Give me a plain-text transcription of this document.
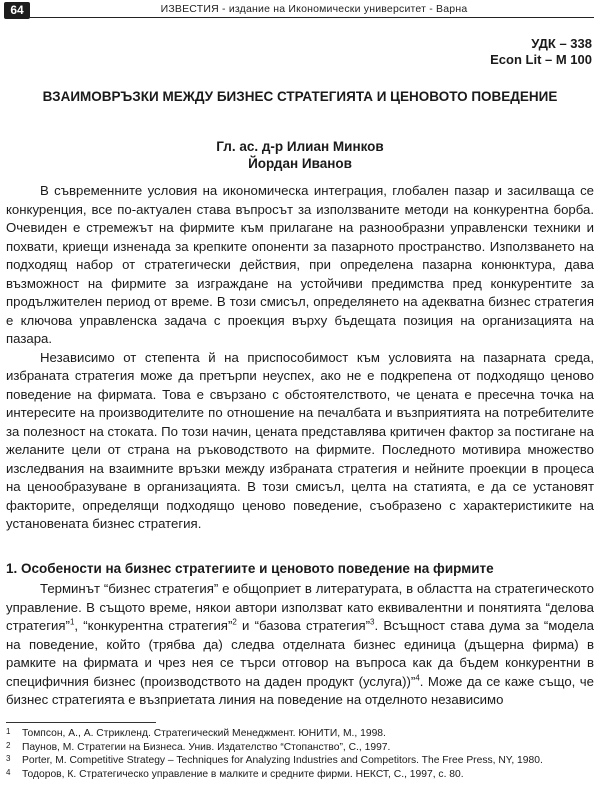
64	ИЗВЕСТИЯ - издание на Икономически университет - Варна
УДК – 338
Econ Lit – M 100
ВЗАИМОВРЪЗКИ МЕЖДУ БИЗНЕС СТРАТЕГИЯТА И ЦЕНОВОТО ПОВЕДЕНИЕ
Гл. ас. д-р Илиан Минков
Йордан Иванов

В съвременните условия на икономическа интеграция, глобален пазар и засилваща се конкуренция, все по-актуален става въпросът за използваните методи на конкурентна борба. Очевиден е стремежът на фирмите към прилагане на разнообразни управленски техники и похвати, криещи изненада за крепките опоненти за пазарното пространство. Използването на подходящ набор от стратегически действия, при определена пазарна конюнктура, дава възможност на фирмите за изграждане на устойчиви предимства пред конкурентите за продължителен период от време. В този смисъл, определянето на адекватна бизнес стратегия е ключова управленска задача с проекция върху бъдещата позиция на организацията на пазара.

Независимо от степента й на приспособимост към условията на пазарната среда, избраната стратегия може да претърпи неуспех, ако не е подкрепена от подходящо ценово поведение на фирмата. Това е свързано с обстоятелството, че цената е пресечна точка на интересите на производителите по отношение на печалбата и възприятията на потребителите за полезност на стоката. По този начин, цената представлява критичен фактор за постигане на желаните цели от страна на ръководството на фирмите. Последното мотивира множество изследвания на взаимните връзки между избраната стратегия и нейните проекции в процеса на ценообразуване в организацията. В този смисъл, целта на статията, е да се установят факторите, определящи подходящо ценово поведение, съобразено с характеристиките на установената бизнес стратегия.

1. Особености на бизнес стратегиите и ценовото поведение на фирмите

Терминът “бизнес стратегия” е общоприет в литературата, в областта на стратегическото управление. В същото време, някои автори използват като еквивалентни и понятията “делова стратегия”$^1$, “конкурентна стратегия”$^2$ и “базова стратегия”$^3$. Всъщност става дума за “модела на поведение, който (трябва да) следва отделната бизнес единица (дъщерна фирма) в рамките на фирмата и чрез нея се търси отговор на въпроса как да бъдем конкурентни в специфичния бизнес (производството на даден продукт (услуга))”$^4$. Може да се каже също, че бизнес стратегията е възприетата линия на поведение на отделното независимо

1 Томпсон, А., А. Стрикленд. Стратегический Менеджмент. ЮНИТИ, М., 1998.
2 Паунов, М. Стратегии на Бизнеса. Унив. Издателство “Стопанство”, С., 1997.
3 Porter, M. Competitive Strategy – Techniques for Analyzing Industries and Competitors. The Free Press, NY, 1980.
4 Тодоров, К. Стратегическо управление в малките и средните фирми. НЕКСТ, С., 1997, с. 80.
